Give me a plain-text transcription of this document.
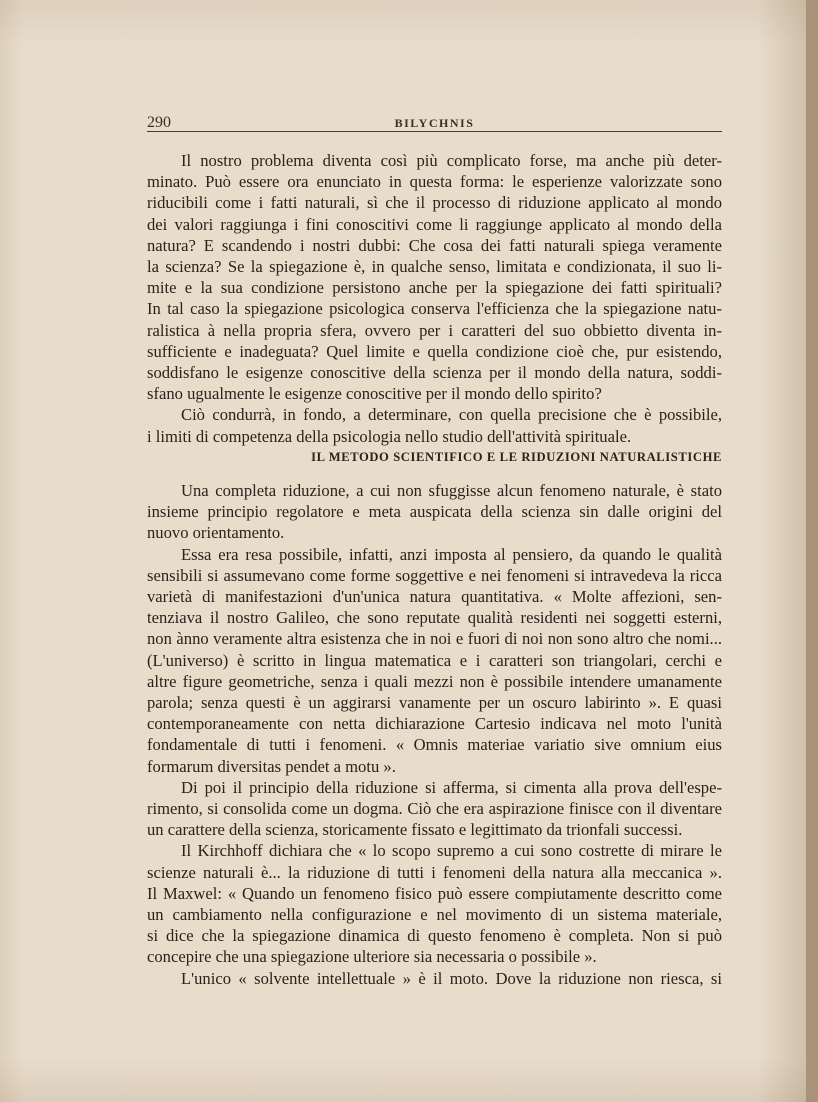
290	BILYCHNIS

Il nostro problema diventa così più complicato forse, ma anche più deter-

minato. Può essere ora enunciato in questa forma: le esperienze valorizzate sono

riducibili come i fatti naturali, sì che il processo di riduzione applicato al mondo

dei valori raggiunga i fini conoscitivi come li raggiunge applicato al mondo della

natura? E scandendo i nostri dubbi: Che cosa dei fatti naturali spiega veramente

la scienza? Se la spiegazione è, in qualche senso, limitata e condizionata, il suo li-

mite e la sua condizione persistono anche per la spiegazione dei fatti spirituali?

In tal caso la spiegazione psicologica conserva l'efficienza che la spiegazione natu-

ralistica à nella propria sfera, ovvero per i caratteri del suo obbietto diventa in-

sufficiente e inadeguata? Quel limite e quella condizione cioè che, pur esistendo,

soddisfano le esigenze conoscitive della scienza per il mondo della natura, soddi-

sfano ugualmente le esigenze conoscitive per il mondo dello spirito?

Ciò condurrà, in fondo, a determinare, con quella precisione che è possibile,

i limiti di competenza della psicologia nello studio dell'attività spirituale.

IL METODO SCIENTIFICO E LE RIDUZIONI NATURALISTICHE

Una completa riduzione, a cui non sfuggisse alcun fenomeno naturale, è stato

insieme principio regolatore e meta auspicata della scienza sin dalle origini del

nuovo orientamento.

Essa era resa possibile, infatti, anzi imposta al pensiero, da quando le qualità

sensibili si assumevano come forme soggettive e nei fenomeni si intravedeva la ricca

varietà di manifestazioni d'un'unica natura quantitativa. « Molte affezioni, sen-

tenziava il nostro Galileo, che sono reputate qualità residenti nei soggetti esterni,

non ànno veramente altra esistenza che in noi e fuori di noi non sono altro che nomi...

(L'universo) è scritto in lingua matematica e i caratteri son triangolari, cerchi e

altre figure geometriche, senza i quali mezzi non è possibile intendere umanamente

parola; senza questi è un aggirarsi vanamente per un oscuro labirinto ». E quasi

contemporaneamente con netta dichiarazione Cartesio indicava nel moto l'unità

fondamentale di tutti i fenomeni. « Omnis materiae variatio sive omnium eius

formarum diversitas pendet a motu ».

Di poi il principio della riduzione si afferma, si cimenta alla prova dell'espe-

rimento, si consolida come un dogma. Ciò che era aspirazione finisce con il diventare

un carattere della scienza, storicamente fissato e legittimato da trionfali successi.

Il Kirchhoff dichiara che « lo scopo supremo a cui sono costrette di mirare le

scienze naturali è... la riduzione di tutti i fenomeni della natura alla meccanica ».

Il Maxwel: « Quando un fenomeno fisico può essere compiutamente descritto come

un cambiamento nella configurazione e nel movimento di un sistema materiale,

si dice che la spiegazione dinamica di questo fenomeno è completa. Non si può

concepire che una spiegazione ulteriore sia necessaria o possibile ».

L'unico « solvente intellettuale » è il moto. Dove la riduzione non riesca, si
